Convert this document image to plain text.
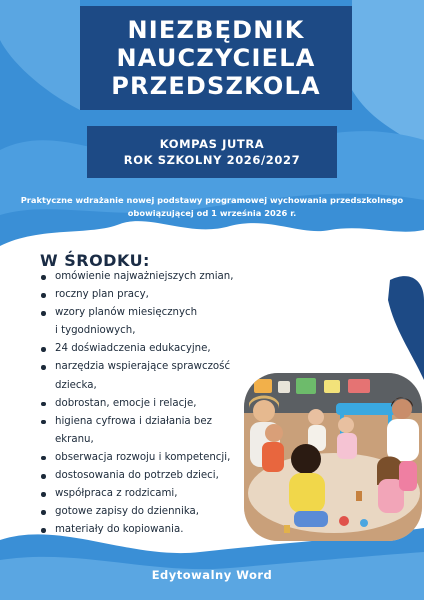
NIEZBĘDNIK
NAUCZYCIELA
PRZEDSZKOLA
KOMPAS JUTRA
ROK SZKOLNY 2026/2027
Praktyczne wdrażanie nowej podstawy programowej wychowania przedszkolnego
obowiązującej od 1 września 2026 r.
W ŚRODKU:
omówienie najważniejszych zmian,
roczny plan pracy,
wzory planów miesięcznych
i tygodniowych,
24 doświadczenia edukacyjne,
narzędzia wspierające sprawczość
dziecka,
dobrostan, emocje i relacje,
higiena cyfrowa i działania bez
ekranu,
obserwacja rozwoju i kompetencji,
dostosowania do potrzeb dzieci,
współpraca z rodzicami,
gotowe zapisy do dziennika,
materiały do kopiowania.
Edytowalny Word
